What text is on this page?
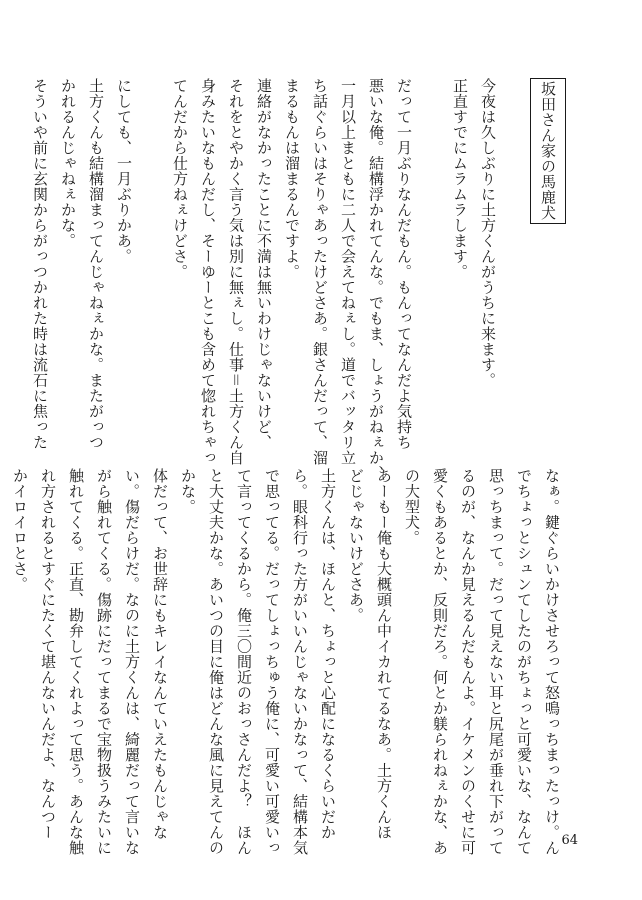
坂田さん家の馬鹿犬
今夜は久しぶりに土方くんがうちに来ます。
正直すでにムラムラします。
だって一月ぶりなんだもん。もんってなんだよ気持ち
悪いな俺。結構浮かれてんな。でもま、しょうがねぇか、
一月以上まともに二人で会えてねぇし。道でバッタリ立
ち話ぐらいはそりゃあったけどさあ。銀さんだって、溜
まるもんは溜まるんですよ。
連絡がなかったことに不満は無いわけじゃないけど、
それをとやかく言う気は別に無ぇし。仕事＝土方くん自
身みたいなもんだし、そーゆーとこも含めて惚れちゃっ
てんだから仕方ねぇけどさ。
にしても、一月ぶりかあ。
土方くんも結構溜まってんじゃねぇかな。またがっつ
かれるんじゃねぇかな。
そういや前に玄関からがっつかれた時は流石に焦った
なぁ。鍵ぐらいかけさせろって怒鳴っちまったっけ。ん
でちょっとシュンてしたのがちょっと可愛いな、なんて
思っちまって。だって見えない耳と尻尾が垂れ下がって
るのが、なんか見えるんだもんよ。イケメンのくせに可
愛くもあるとか、反則だろ。何とか躾られねぇかな、あ
の大型犬。
あーもー俺も大概頭ん中イカれてるなあ。土方くんほ
どじゃないけどさあ。
土方くんは、ほんと、ちょっと心配になるくらいだか
ら。眼科行った方がいいんじゃないかなって、結構本気
で思ってる。だってしょっちゅう俺に、可愛い可愛いっ
て言ってくるから。俺三〇間近のおっさんだよ？　ほん
と大丈夫かな。あいつの目に俺はどんな風に見えてんの
かな。
体だって、お世辞にもキレイなんていえたもんじゃな
い。傷だらけだ。なのに土方くんは、綺麗だって言いな
がら触れてくる。傷跡にだってまるで宝物扱うみたいに
触れてくる。正直、勘弁してくれよって思う。あんな触
れ方されるとすぐにたくて堪んないんだよ、なんつー
かイロイロとさ。
64
